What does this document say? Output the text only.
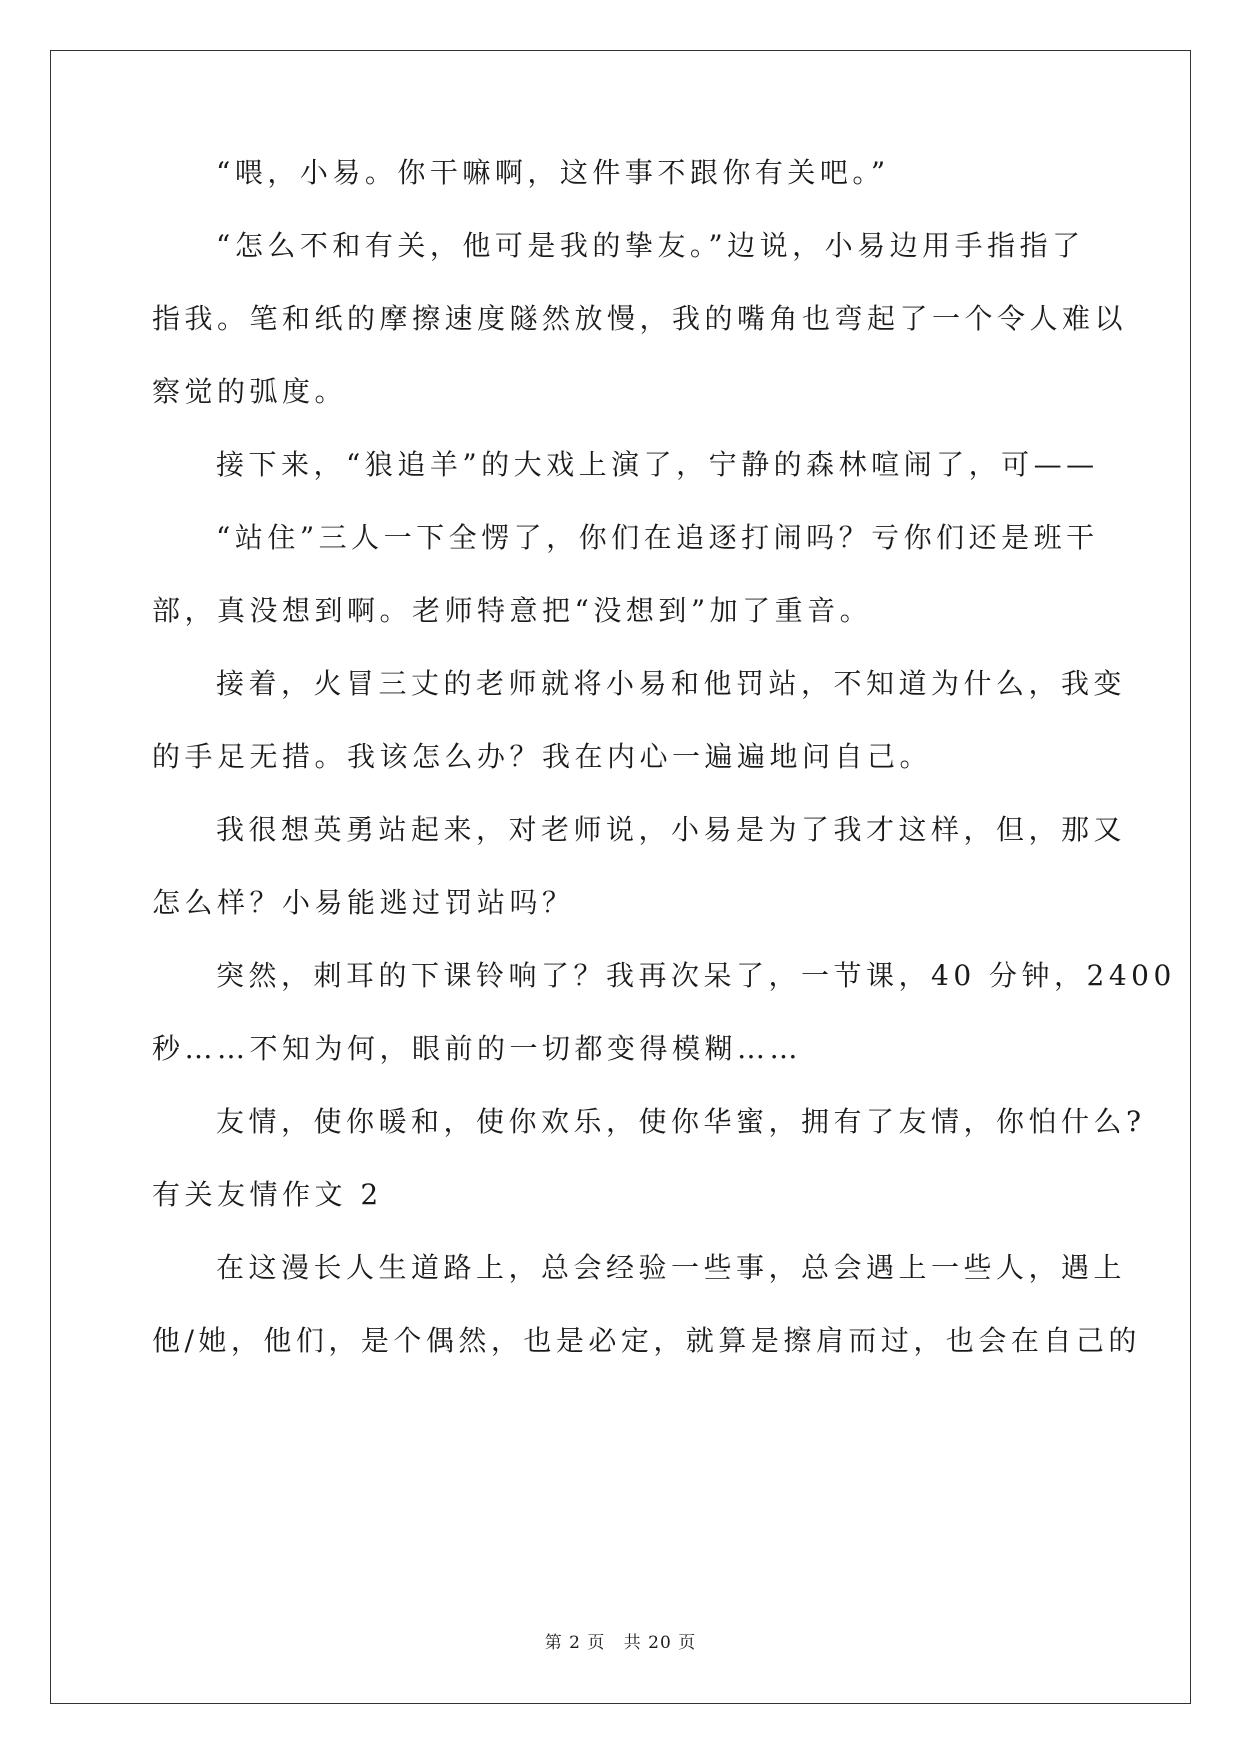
“喂，小易。你干嘛啊，这件事不跟你有关吧。”
“怎么不和有关，他可是我的挚友。”边说，小易边用手指指了
指我。笔和纸的摩擦速度隧然放慢，我的嘴角也弯起了一个令人难以
察觉的弧度。
接下来，“狼追羊”的大戏上演了，宁静的森林喧闹了，可——
“站住”三人一下全愣了，你们在追逐打闹吗？亏你们还是班干
部，真没想到啊。老师特意把“没想到”加了重音。
接着，火冒三丈的老师就将小易和他罚站，不知道为什么，我变
的手足无措。我该怎么办？我在内心一遍遍地问自己。
我很想英勇站起来，对老师说，小易是为了我才这样，但，那又
怎么样？小易能逃过罚站吗？
突然，刺耳的下课铃响了？我再次呆了，一节课，40 分钟，2400
秒……不知为何，眼前的一切都变得模糊……
友情，使你暖和，使你欢乐，使你华蜜，拥有了友情，你怕什么?
有关友情作文 2
在这漫长人生道路上，总会经验一些事，总会遇上一些人，遇上
他/她，他们，是个偶然，也是必定，就算是擦肩而过，也会在自己的
第 2 页 共 20 页
